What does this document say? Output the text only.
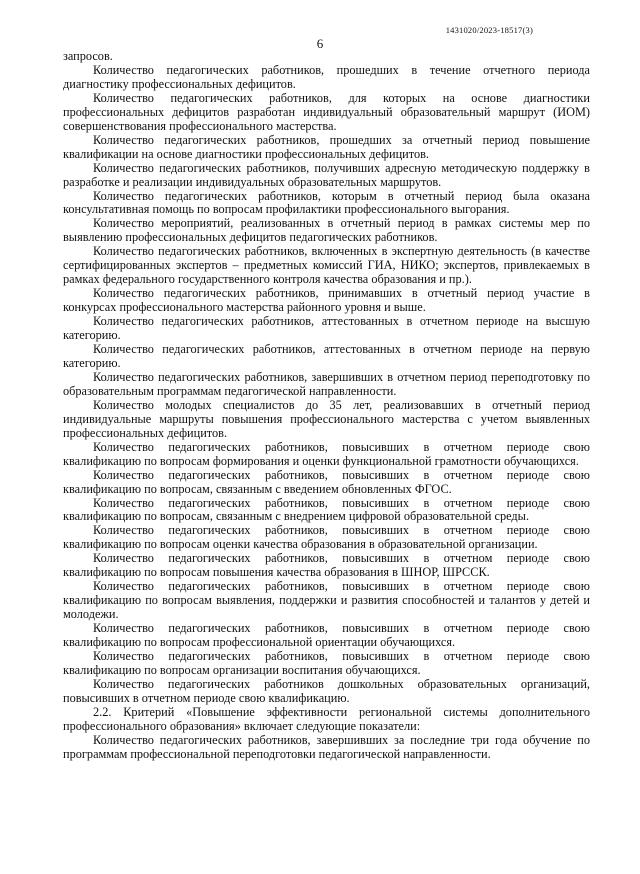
1431020/2023-18517(3)
6

запросов.

Количество педагогических работников, прошедших в течение отчетного периода диагностику профессиональных дефицитов.

Количество педагогических работников, для которых на основе диагностики профессиональных дефицитов разработан индивидуальный образовательный маршрут (ИОМ) совершенствования профессионального мастерства.

Количество педагогических работников, прошедших за отчетный период повышение квалификации на основе диагностики профессиональных дефицитов.

Количество педагогических работников, получивших адресную методическую поддержку в разработке и реализации индивидуальных образовательных маршрутов.

Количество педагогических работников, которым в отчетный период была оказана консультативная помощь по вопросам профилактики профессионального выгорания.

Количество мероприятий, реализованных в отчетный период в рамках системы мер по выявлению профессиональных дефицитов педагогических работников.

Количество педагогических работников, включенных в экспертную деятельность (в качестве сертифицированных экспертов – предметных комиссий ГИА, НИКО; экспертов, привлекаемых в рамках федерального государственного контроля качества образования и пр.).

Количество педагогических работников, принимавших в отчетный период участие в конкурсах профессионального мастерства районного уровня и выше.

Количество педагогических работников, аттестованных в отчетном периоде на высшую категорию.

Количество педагогических работников, аттестованных в отчетном периоде на первую категорию.

Количество педагогических работников, завершивших в отчетном период переподготовку по образовательным программам педагогической направленности.

Количество молодых специалистов до 35 лет, реализовавших в отчетный период индивидуальные маршруты повышения профессионального мастерства с учетом выявленных профессиональных дефицитов.

Количество педагогических работников, повысивших в отчетном периоде свою квалификацию по вопросам формирования и оценки функциональной грамотности обучающихся.

Количество педагогических работников, повысивших в отчетном периоде свою квалификацию по вопросам, связанным с введением обновленных ФГОС.

Количество педагогических работников, повысивших в отчетном периоде свою квалификацию по вопросам, связанным с внедрением цифровой образовательной среды.

Количество педагогических работников, повысивших в отчетном периоде свою квалификацию по вопросам оценки качества образования в образовательной организации.

Количество педагогических работников, повысивших в отчетном периоде свою квалификацию по вопросам повышения качества образования в ШНОР, ШРССК.

Количество педагогических работников, повысивших в отчетном периоде свою квалификацию по вопросам выявления, поддержки и развития способностей и талантов у детей и молодежи.

Количество педагогических работников, повысивших в отчетном периоде свою квалификацию по вопросам профессиональной ориентации обучающихся.

Количество педагогических работников, повысивших в отчетном периоде свою квалификацию по вопросам организации воспитания обучающихся.

Количество педагогических работников дошкольных образовательных организаций, повысивших в отчетном периоде свою квалификацию.

2.2. Критерий «Повышение эффективности региональной системы дополнительного профессионального образования» включает следующие показатели:

Количество педагогических работников, завершивших за последние три года обучение по программам профессиональной переподготовки педагогической направленности.
